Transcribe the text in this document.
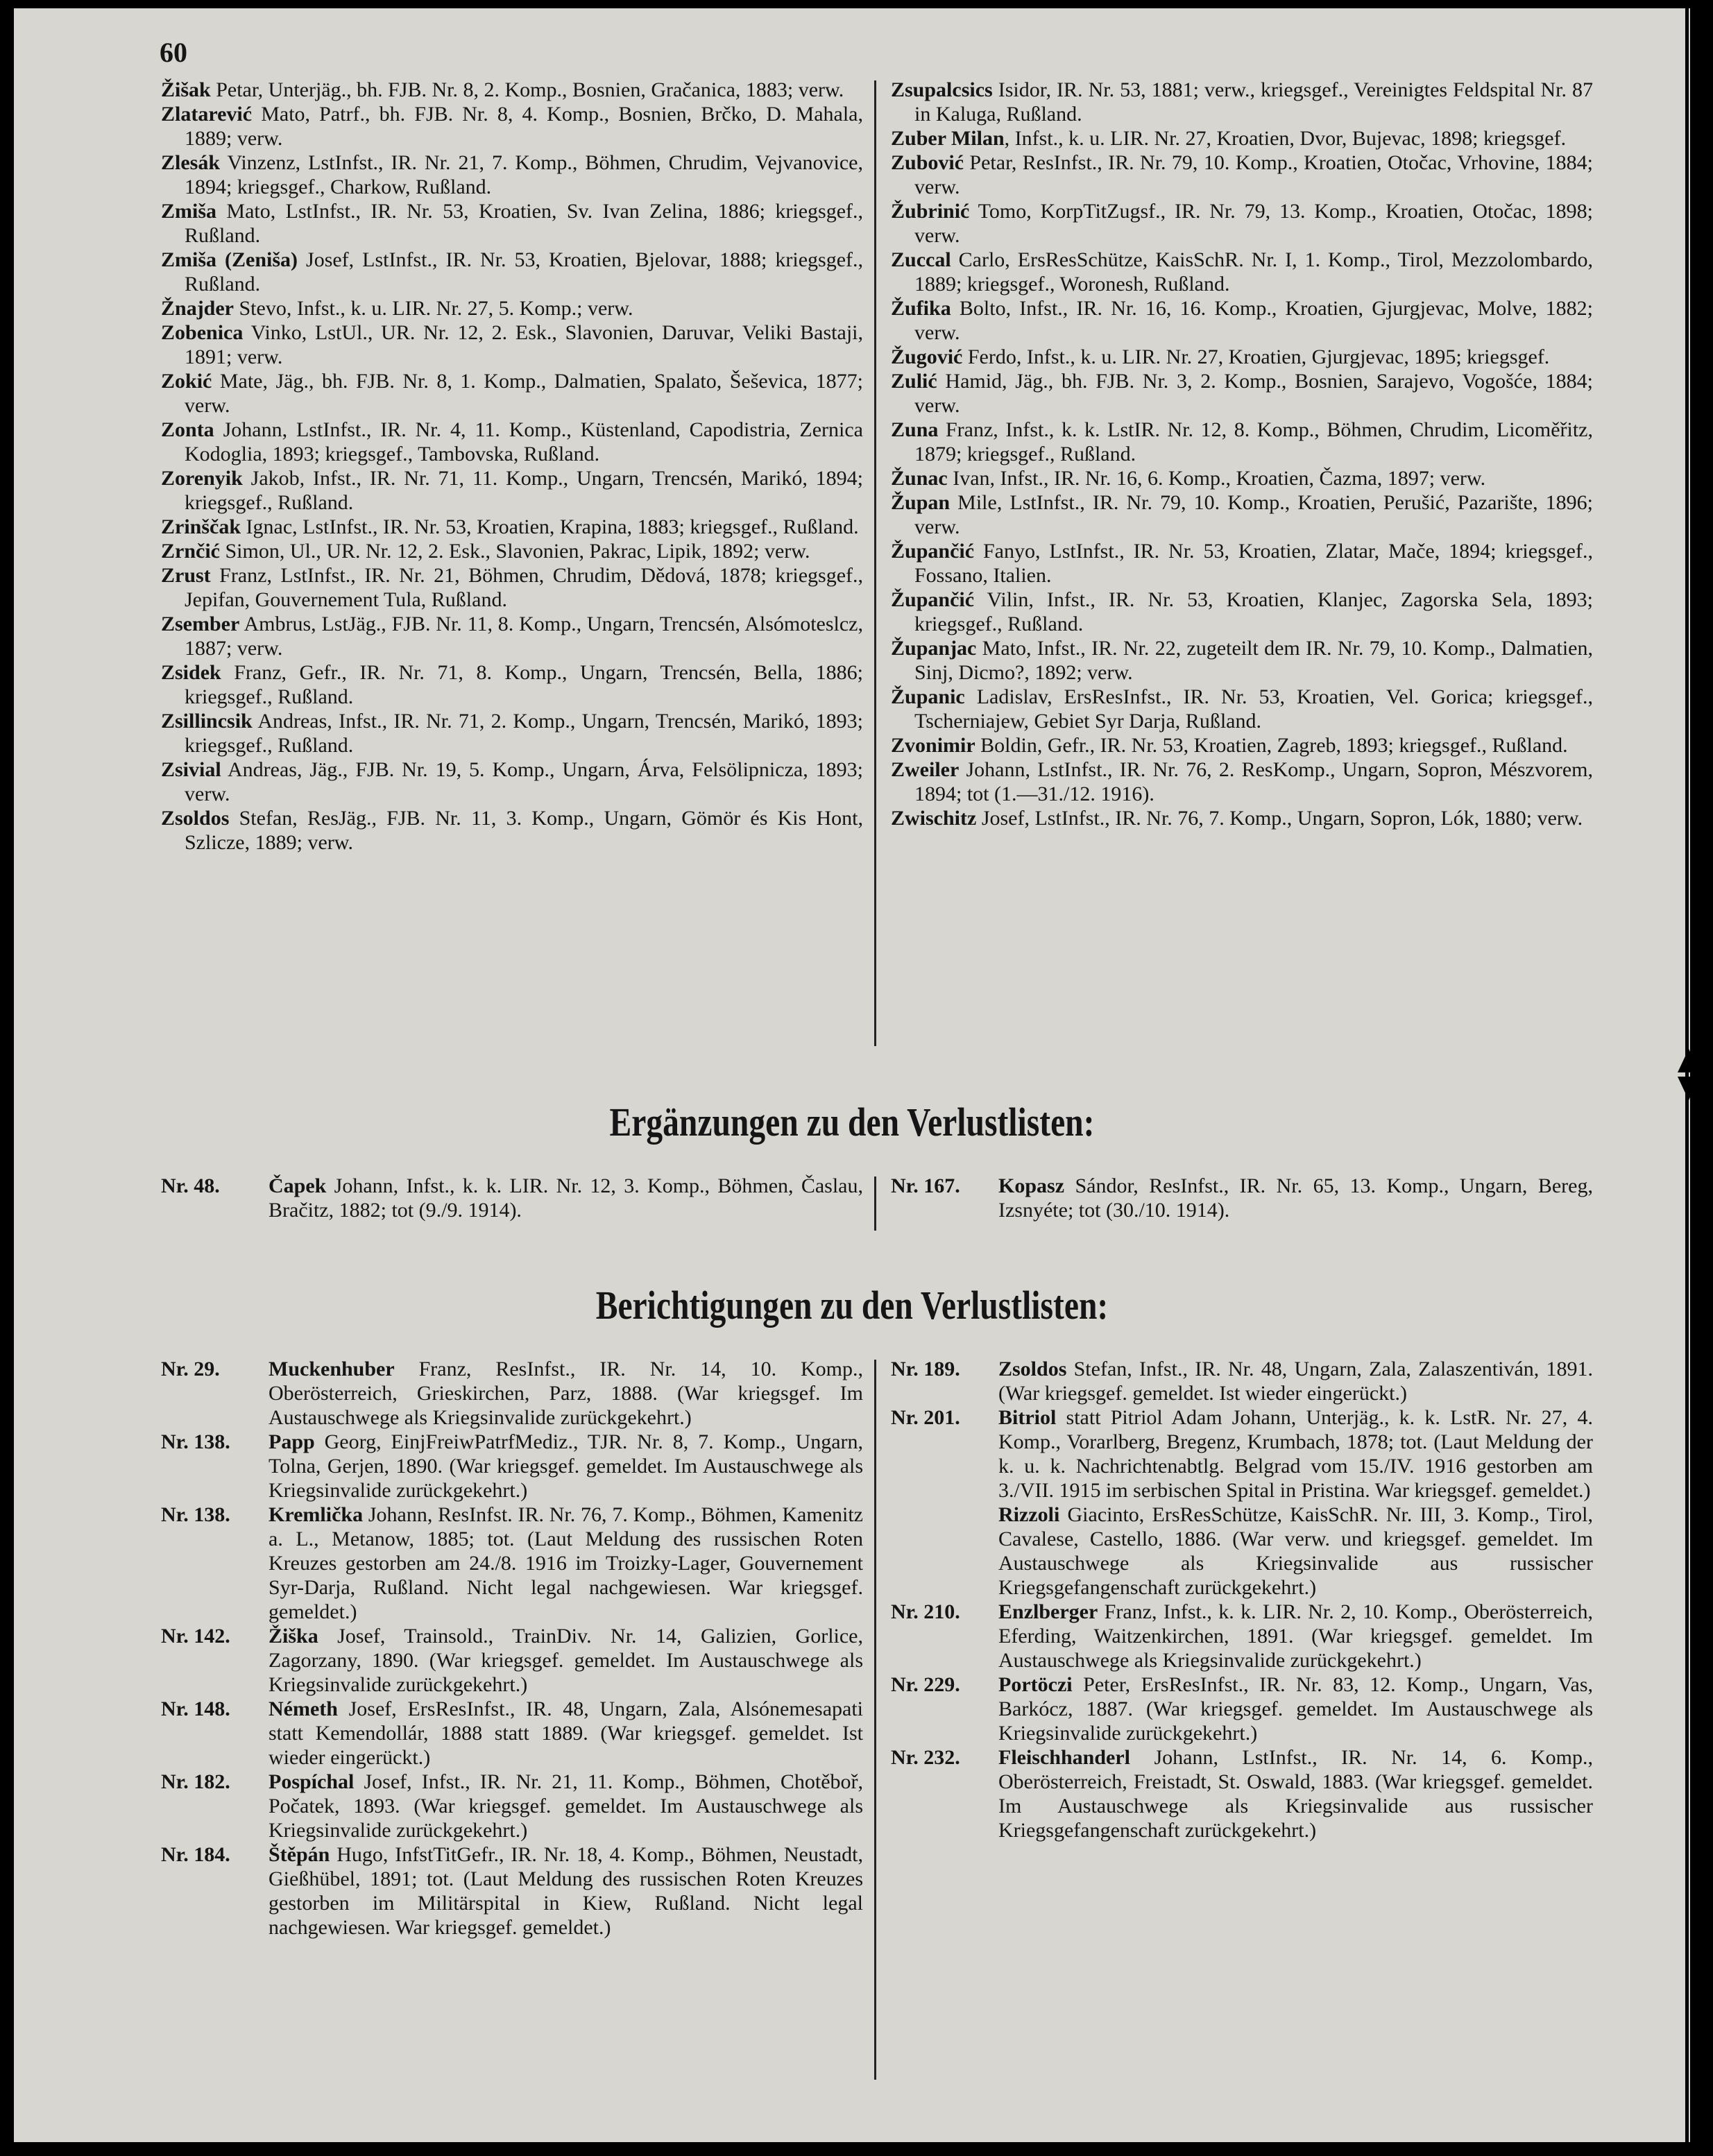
60

Žišak Petar, Unterjäg., bh. FJB. Nr. 8, 2. Komp., Bosnien, Gračanica, 1883; verw.

Zlatarević Mato, Patrf., bh. FJB. Nr. 8, 4. Komp., Bosnien, Brčko, D. Mahala, 1889; verw.

Zlesák Vinzenz, LstInfst., IR. Nr. 21, 7. Komp., Böhmen, Chrudim, Vejvanovice, 1894; kriegsgef., Charkow, Rußland.

Zmiša Mato, LstInfst., IR. Nr. 53, Kroatien, Sv. Ivan Zelina, 1886; kriegsgef., Rußland.

Zmiša (Zeniša) Josef, LstInfst., IR. Nr. 53, Kroatien, Bjelovar, 1888; kriegsgef., Rußland.

Žnajder Stevo, Infst., k. u. LIR. Nr. 27, 5. Komp.; verw.

Zobenica Vinko, LstUl., UR. Nr. 12, 2. Esk., Slavonien, Daruvar, Veliki Bastaji, 1891; verw.

Zokić Mate, Jäg., bh. FJB. Nr. 8, 1. Komp., Dalmatien, Spalato, Šeševica, 1877; verw.

Zonta Johann, LstInfst., IR. Nr. 4, 11. Komp., Küstenland, Capodistria, Zernica Kodoglia, 1893; kriegsgef., Tambovska, Rußland.

Zorenyik Jakob, Infst., IR. Nr. 71, 11. Komp., Ungarn, Trencsén, Marikó, 1894; kriegsgef., Rußland.

Zrinščak Ignac, LstInfst., IR. Nr. 53, Kroatien, Krapina, 1883; kriegsgef., Rußland.

Zrnčić Simon, Ul., UR. Nr. 12, 2. Esk., Slavonien, Pakrac, Lipik, 1892; verw.

Zrust Franz, LstInfst., IR. Nr. 21, Böhmen, Chrudim, Dědová, 1878; kriegsgef., Jepifan, Gouvernement Tula, Rußland.

Zsember Ambrus, LstJäg., FJB. Nr. 11, 8. Komp., Ungarn, Trencsén, Alsómoteslcz, 1887; verw.

Zsidek Franz, Gefr., IR. Nr. 71, 8. Komp., Ungarn, Trencsén, Bella, 1886; kriegsgef., Rußland.

Zsillincsik Andreas, Infst., IR. Nr. 71, 2. Komp., Ungarn, Trencsén, Marikó, 1893; kriegsgef., Rußland.

Zsivial Andreas, Jäg., FJB. Nr. 19, 5. Komp., Ungarn, Árva, Felsölipnicza, 1893; verw.

Zsoldos Stefan, ResJäg., FJB. Nr. 11, 3. Komp., Ungarn, Gömör és Kis Hont, Szlicze, 1889; verw.

Zsupalcsics Isidor, IR. Nr. 53, 1881; verw., kriegsgef., Vereinigtes Feldspital Nr. 87 in Kaluga, Rußland.

Zuber Milan, Infst., k. u. LIR. Nr. 27, Kroatien, Dvor, Bujevac, 1898; kriegsgef.

Zubović Petar, ResInfst., IR. Nr. 79, 10. Komp., Kroatien, Otočac, Vrhovine, 1884; verw.

Žubrinić Tomo, KorpTitZugsf., IR. Nr. 79, 13. Komp., Kroatien, Otočac, 1898; verw.

Zuccal Carlo, ErsResSchütze, KaisSchR. Nr. I, 1. Komp., Tirol, Mezzolombardo, 1889; kriegsgef., Woronesh, Rußland.

Žufika Bolto, Infst., IR. Nr. 16, 16. Komp., Kroatien, Gjurgjevac, Molve, 1882; verw.

Žugović Ferdo, Infst., k. u. LIR. Nr. 27, Kroatien, Gjurgjevac, 1895; kriegsgef.

Zulić Hamid, Jäg., bh. FJB. Nr. 3, 2. Komp., Bosnien, Sarajevo, Vogošće, 1884; verw.

Zuna Franz, Infst., k. k. LstIR. Nr. 12, 8. Komp., Böhmen, Chrudim, Licoměřitz, 1879; kriegsgef., Rußland.

Žunac Ivan, Infst., IR. Nr. 16, 6. Komp., Kroatien, Čazma, 1897; verw.

Župan Mile, LstInfst., IR. Nr. 79, 10. Komp., Kroatien, Perušić, Pazarište, 1896; verw.

Župančić Fanyo, LstInfst., IR. Nr. 53, Kroatien, Zlatar, Mače, 1894; kriegsgef., Fossano, Italien.

Župančić Vilin, Infst., IR. Nr. 53, Kroatien, Klanjec, Zagorska Sela, 1893; kriegsgef., Rußland.

Županjac Mato, Infst., IR. Nr. 22, zugeteilt dem IR. Nr. 79, 10. Komp., Dalmatien, Sinj, Dicmo?, 1892; verw.

Županic Ladislav, ErsResInfst., IR. Nr. 53, Kroatien, Vel. Gorica; kriegsgef., Tscherniajew, Gebiet Syr Darja, Rußland.

Zvonimir Boldin, Gefr., IR. Nr. 53, Kroatien, Zagreb, 1893; kriegsgef., Rußland.

Zweiler Johann, LstInfst., IR. Nr. 76, 2. ResKomp., Ungarn, Sopron, Mészvorem, 1894; tot (1.—31./12. 1916).

Zwischitz Josef, LstInfst., IR. Nr. 76, 7. Komp., Ungarn, Sopron, Lók, 1880; verw.

Ergänzungen zu den Verlustlisten:

Nr. 48. Čapek Johann, Infst., k. k. LIR. Nr. 12, 3. Komp., Böhmen, Časlau, Bračitz, 1882; tot (9./9. 1914).

Nr. 167. Kopasz Sándor, ResInfst., IR. Nr. 65, 13. Komp., Ungarn, Bereg, Izsnyéte; tot (30./10. 1914).

Berichtigungen zu den Verlustlisten:

Nr. 29. Muckenhuber Franz, ResInfst., IR. Nr. 14, 10. Komp., Oberösterreich, Grieskirchen, Parz, 1888. (War kriegsgef. Im Austauschwege als Kriegsinvalide zurückgekehrt.)

Nr. 138. Papp Georg, EinjFreiwPatrfMediz., TJR. Nr. 8, 7. Komp., Ungarn, Tolna, Gerjen, 1890. (War kriegsgef. gemeldet. Im Austauschwege als Kriegsinvalide zurückgekehrt.)

Nr. 138. Kremlička Johann, ResInfst. IR. Nr. 76, 7. Komp., Böhmen, Kamenitz a. L., Metanow, 1885; tot. (Laut Meldung des russischen Roten Kreuzes gestorben am 24./8. 1916 im Troizky-Lager, Gouvernement Syr-Darja, Rußland. Nicht legal nachgewiesen. War kriegsgef. gemeldet.)

Nr. 142. Žiška Josef, Trainsold., TrainDiv. Nr. 14, Galizien, Gorlice, Zagorzany, 1890. (War kriegsgef. gemeldet. Im Austauschwege als Kriegsinvalide zurückgekehrt.)

Nr. 148. Németh Josef, ErsResInfst., IR. 48, Ungarn, Zala, Alsónemesapati statt Kemendollár, 1888 statt 1889. (War kriegsgef. gemeldet. Ist wieder eingerückt.)

Nr. 182. Pospíchal Josef, Infst., IR. Nr. 21, 11. Komp., Böhmen, Chotěboř, Počatek, 1893. (War kriegsgef. gemeldet. Im Austauschwege als Kriegsinvalide zurückgekehrt.)

Nr. 184. Štěpán Hugo, InfstTitGefr., IR. Nr. 18, 4. Komp., Böhmen, Neustadt, Gießhübel, 1891; tot. (Laut Meldung des russischen Roten Kreuzes gestorben im Militärspital in Kiew, Rußland. Nicht legal nachgewiesen. War kriegsgef. gemeldet.)

Nr. 189. Zsoldos Stefan, Infst., IR. Nr. 48, Ungarn, Zala, Zalaszentiván, 1891. (War kriegsgef. gemeldet. Ist wieder eingerückt.)

Nr. 201. Bitriol statt Pitriol Adam Johann, Unterjäg., k. k. LstR. Nr. 27, 4. Komp., Vorarlberg, Bregenz, Krumbach, 1878; tot. (Laut Meldung der k. u. k. Nachrichtenabtlg. Belgrad vom 15./IV. 1916 gestorben am 3./VII. 1915 im serbischen Spital in Pristina. War kriegsgef. gemeldet.)

Rizzoli Giacinto, ErsResSchütze, KaisSchR. Nr. III, 3. Komp., Tirol, Cavalese, Castello, 1886. (War verw. und kriegsgef. gemeldet. Im Austauschwege als Kriegsinvalide aus russischer Kriegsgefangenschaft zurückgekehrt.)

Nr. 210. Enzlberger Franz, Infst., k. k. LIR. Nr. 2, 10. Komp., Oberösterreich, Eferding, Waitzenkirchen, 1891. (War kriegsgef. gemeldet. Im Austauschwege als Kriegsinvalide zurückgekehrt.)

Nr. 229. Portöczi Peter, ErsResInfst., IR. Nr. 83, 12. Komp., Ungarn, Vas, Barkócz, 1887. (War kriegsgef. gemeldet. Im Austauschwege als Kriegsinvalide zurückgekehrt.)

Nr. 232. Fleischhanderl Johann, LstInfst., IR. Nr. 14, 6. Komp., Oberösterreich, Freistadt, St. Oswald, 1883. (War kriegsgef. gemeldet. Im Austauschwege als Kriegsinvalide aus russischer Kriegsgefangenschaft zurückgekehrt.)
